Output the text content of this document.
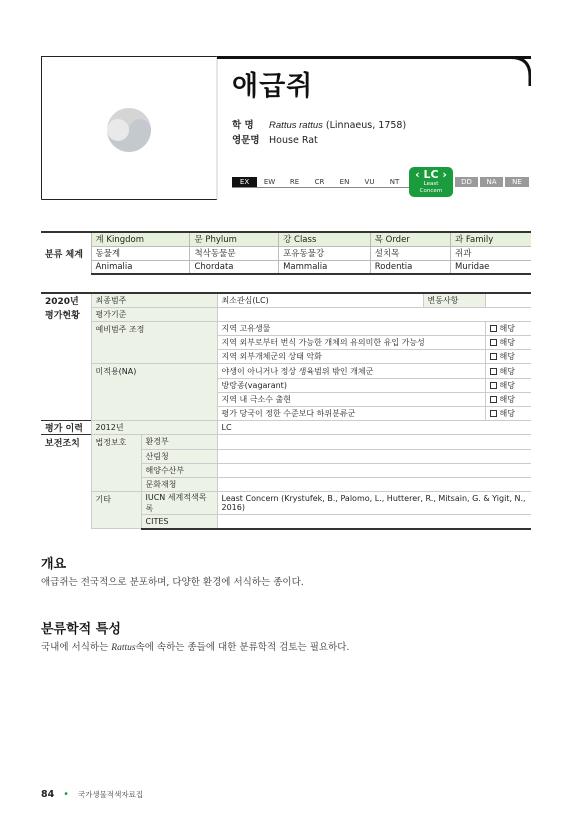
애급쥐
학 명 Rattus rattus (Linnaeus, 1758)
영문명 House Rat
EX	EW	RE	CR	EN	VU	NT
‹ LC ›
Least
Concern
DD	NA	NE
분류 체계	계 Kingdom	문 Phylum	강 Class	목 Order	과 Family
	동물계	척삭동물문	포유동물강	설치목	쥐과
	Animalia	Chordata	Mammalia	Rodentia	Muridae
2020년	최종범주		최소관심(LC)	변동사항	
평가현황	평가기준				
	예비범주 조정		지역 고유생물		해당
			지역 외부로부터 번식 가능한 개체의 유의미한 유입 가능성		해당
			지역 외부개체군의 상태 악화		해당
	미적용(NA)		야생이 아니거나 정상 생육범위 밖인 개체군		해당
			방랑종(vagarant)		해당
			지역 내 극소수 출현		해당
			평가 당국이 정한 수준보다 하위분류군		해당
평가 이력	2012년		LC		
보전조치	법정보호	환경부			
		산림청			
		해양수산부			
		문화재청			
	기타	IUCN 세계적색목록	Least Concern (Krystufek, B., Palomo, L., Hutterer, R., Mitsain, G. & Yigit, N., 2016)		
		CITES			
개요
애급쥐는 전국적으로 분포하며, 다양한 환경에 서식하는 종이다.
분류학적 특성
국내에 서식하는 Rattus속에 속하는 종들에 대한 분류학적 검토는 필요하다.
84 • 국가생물적색자료집
